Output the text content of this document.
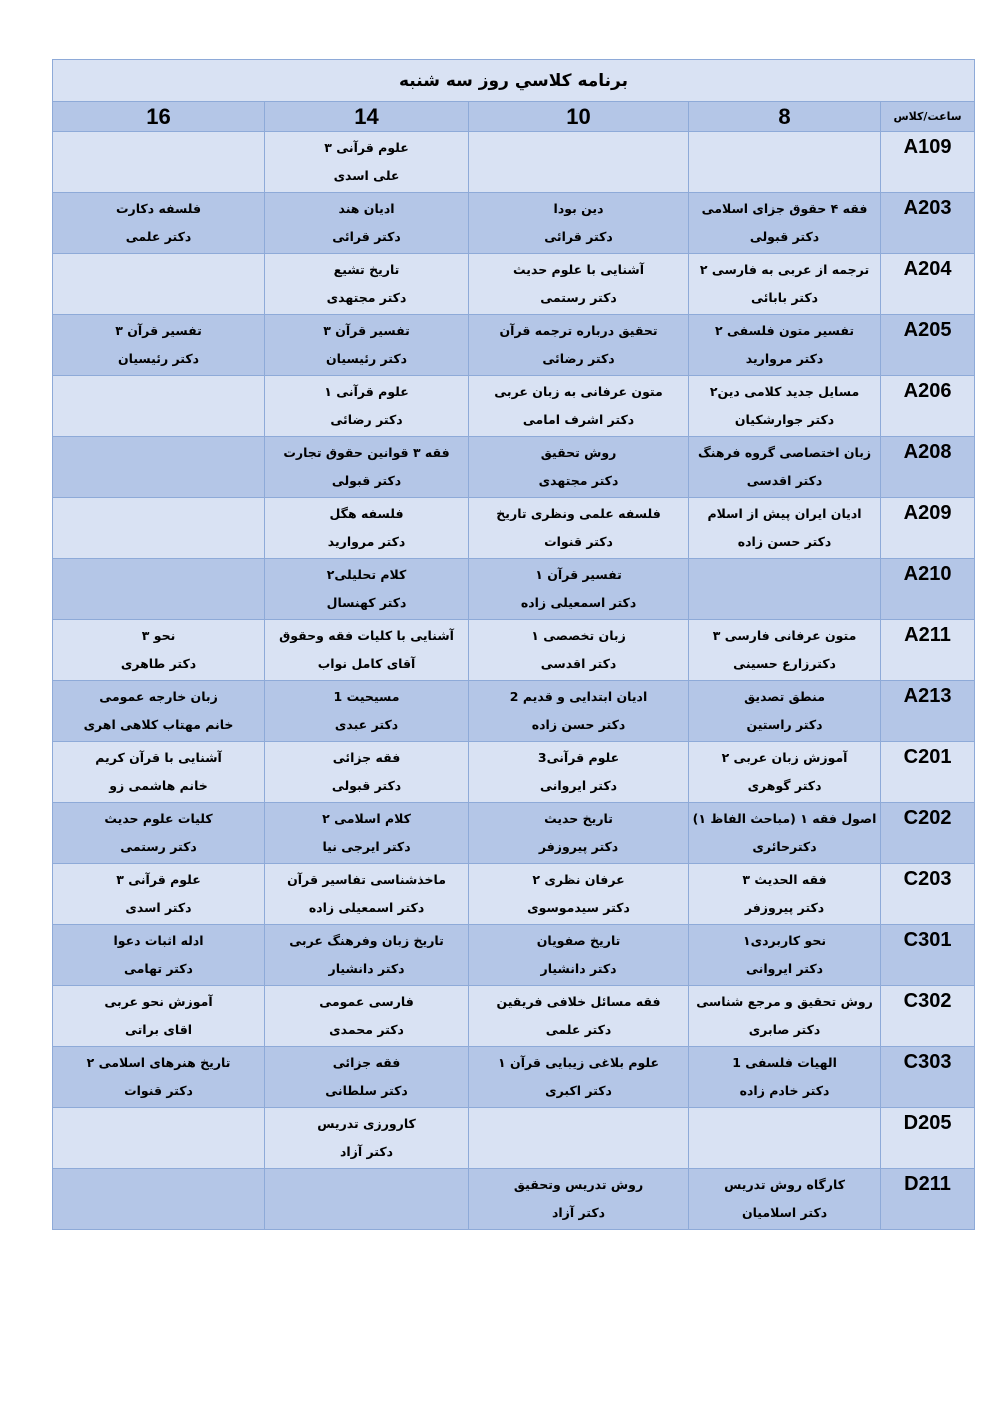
برنامه كلاسي روز سه شنبه				
ساعت/كلاس	8	10	14	16
A109			علوم قرآنی ۳
علی اسدی	

A203	فقه ۴ حقوق جزای اسلامی
دکتر قبولی	دین بودا
دکتر قرائی	ادیان هند
دکتر قرائی	فلسفه دکارت
دکتر علمی

A204	ترجمه از عربی به فارسی ۲
دکتر بابائی	آشنایی با علوم حدیث
دکتر رستمی	تاریخ تشیع
دکتر مجتهدی	

A205	تفسیر متون فلسفی ۲
دکتر مروارید	تحقیق درباره ترجمه قرآن
دکتر رضائی	تفسیر قرآن ۳
دکتر رئیسیان	تفسیر قرآن ۳
دکتر رئیسیان

A206	مسایل جدید کلامی دین۲
دکتر جوارشکیان	متون عرفانی به زبان عربی
دکتر اشرف امامی	علوم قرآنی ۱
دکتر رضائی	

A208	زبان اختصاصی گروه فرهنگ
دکتر اقدسی	روش تحقیق
دکتر مجتهدی	فقه ۳ قوانین حقوق تجارت
دکتر قبولی	

A209	ادیان ایران پیش از اسلام
دکتر حسن زاده	فلسفه علمی ونظری تاریخ
دکتر قنوات	فلسفه هگل
دکتر مروارید	

A210		تفسیر قرآن ۱
دکتر اسمعیلی زاده	کلام تحلیلی۲
دکتر کهنسال	

A211	متون عرفانی فارسی ۳
دکترزارع حسینی	زبان تخصصی ۱
دکتر اقدسی	آشنایی با کلیات فقه وحقوق
آقای کامل نواب	نحو ۳
دکتر طاهری

A213	منطق تصدیق
دکتر راستین	ادیان ابتدایی و قدیم 2
دکتر حسن زاده	مسیحیت 1
دکتر عبدی	زبان خارجه عمومی
خانم مهتاب کلاهی اهری

C201	آموزش زبان عربی ۲
دکتر گوهری	علوم قرآنی3
دکتر ایروانی	فقه جزائی
دکتر قبولی	آشنایی با قرآن کریم
خانم هاشمی زو

C202	اصول فقه ۱ (مباحث الفاظ ۱)
دکترحائری	تاریخ حدیث
دکتر پیروزفر	کلام اسلامی ۲
دکتر ایرجی نیا	کلیات علوم حدیث
دکتر رستمی

C203	فقه الحدیث ۳
دکتر پیروزفر	عرفان نظری ۲
دکتر سیدموسوی	ماخذشناسی تفاسیر قرآن
دکتر اسمعیلی زاده	علوم قرآنی ۳
دکتر اسدی

C301	نحو کاربردی۱
دکتر ایروانی	تاریخ صفویان
دکتر دانشیار	تاریخ زبان وفرهنگ عربی
دکتر دانشیار	ادله اثبات دعوا
دکتر تهامی

C302	روش تحقیق و مرجع شناسی
دکتر صابری	فقه مسائل خلافی فریقین
دکتر علمی	فارسی عمومی
دکتر محمدی	آموزش نحو عربی
اقای براتی

C303	الهیات فلسفی 1
دکتر خادم زاده	علوم بلاغی زیبایی قرآن ۱
دکتر اکبری	فقه جزائی
دکتر سلطانی	تاریخ هنرهای اسلامی ۲
دکتر قنوات

D205			کارورزی تدریس
دکتر آزاد	

D211	کارگاه روش تدریس
دکتر اسلامیان	روش تدریس وتحقیق
دکتر آزاد		
